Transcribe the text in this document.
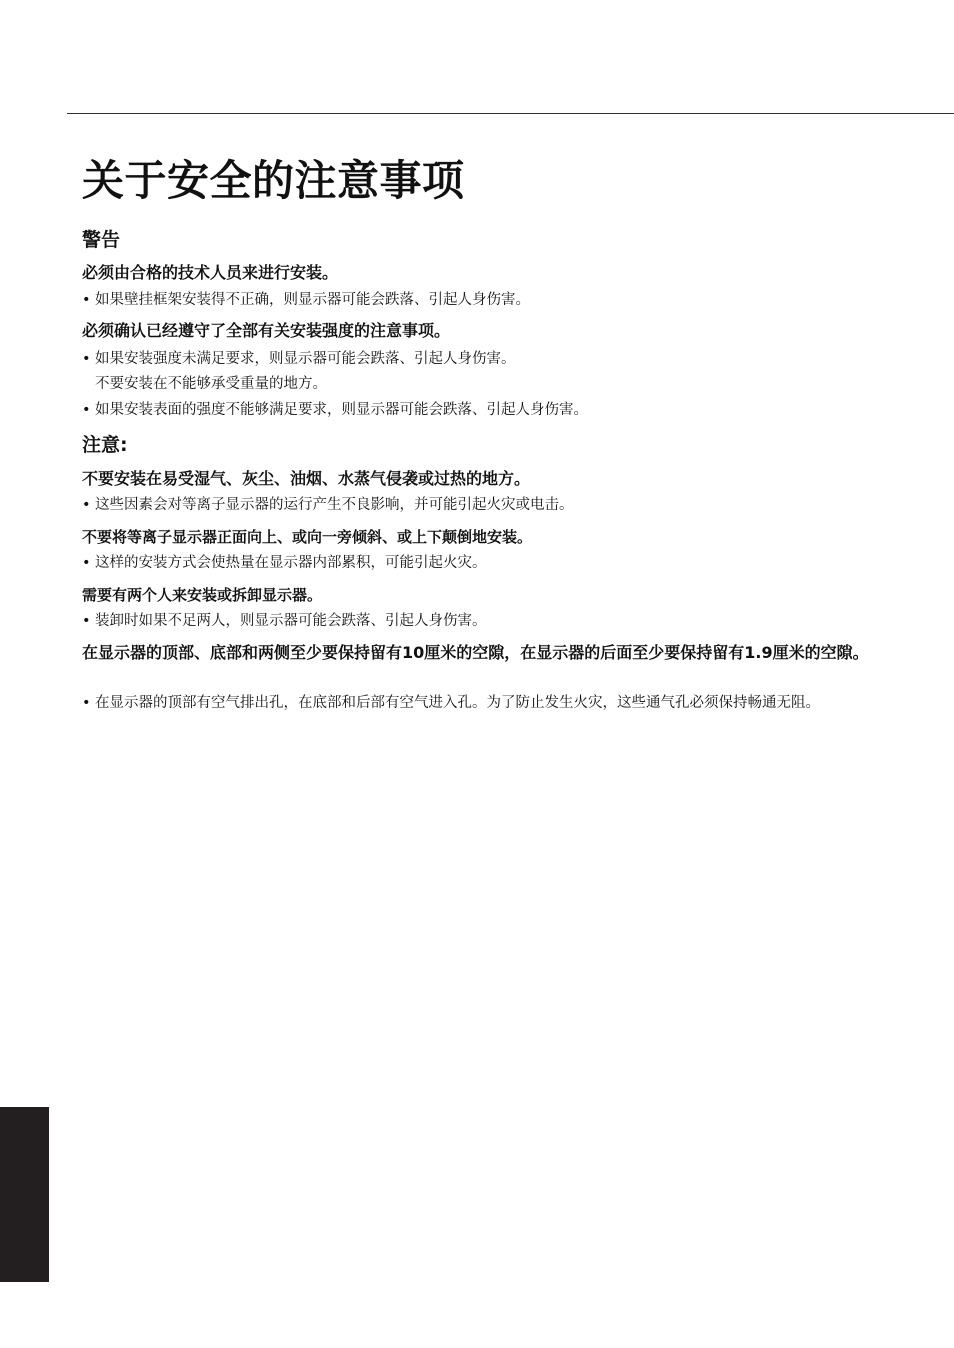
关于安全的注意事项
警告
必须由合格的技术人员来进行安装。
• 如果壁挂框架安装得不正确，则显示器可能会跌落、引起人身伤害。
必须确认已经遵守了全部有关安装强度的注意事项。
• 如果安装强度未满足要求，则显示器可能会跌落、引起人身伤害。
不要安装在不能够承受重量的地方。
• 如果安装表面的强度不能够满足要求，则显示器可能会跌落、引起人身伤害。
注意:
不要安装在易受湿气、灰尘、油烟、水蒸气侵袭或过热的地方。
• 这些因素会对等离子显示器的运行产生不良影响，并可能引起火灾或电击。
不要将等离子显示器正面向上、或向一旁倾斜、或上下颠倒地安装。
• 这样的安装方式会使热量在显示器内部累积，可能引起火灾。
需要有两个人来安装或拆卸显示器。
• 装卸时如果不足两人，则显示器可能会跌落、引起人身伤害。
在显示器的顶部、底部和两侧至少要保持留有10厘米的空隙，在显示器的后面至少要保持留有1.9厘米的空隙。
• 在显示器的顶部有空气排出孔，在底部和后部有空气进入孔。为了防止发生火灾，这些通气孔必须保持畅通无阻。
